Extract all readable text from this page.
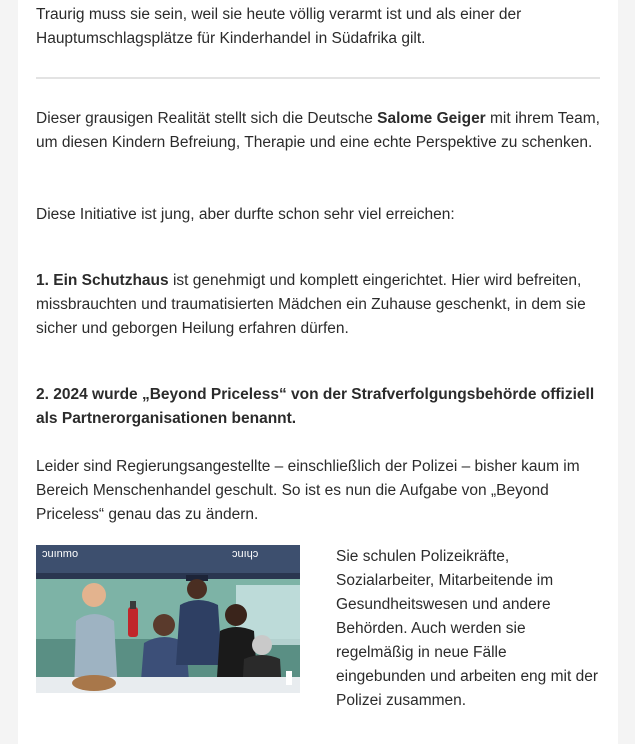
Traurig muss sie sein, weil sie heute völlig verarmt ist und als einer der Hauptumschlagsplätze für Kinderhandel in Südafrika gilt.

Dieser grausigen Realität stellt sich die Deutsche Salome Geiger mit ihrem Team, um diesen Kindern Befreiung, Therapie und eine echte Perspektive zu schenken.

Diese Initiative ist jung, aber durfte schon sehr viel erreichen:

1. Ein Schutzhaus ist genehmigt und komplett eingerichtet. Hier wird befreiten, missbrauchten und traumatisierten Mädchen ein Zuhause geschenkt, in dem sie sicher und geborgen Heilung erfahren dürfen.

2. 2024 wurde „Beyond Priceless“ von der Strafverfolgungsbehörde offiziell als Partnerorganisationen benannt.

Leider sind Regierungsangestellte – einschließlich der Polizei – bisher kaum im Bereich Menschenhandel geschult. So ist es nun die Aufgabe von „Beyond Priceless“ genau das zu ändern.

ɔuınmo	ɔuıɥɔ	Sie schulen Polizeikräfte, Sozialarbeiter, Mitarbeitende im Gesundheitswesen und andere Behörden. Auch werden sie regelmäßig in neue Fälle eingebunden und arbeiten eng mit der Polizei zusammen.
